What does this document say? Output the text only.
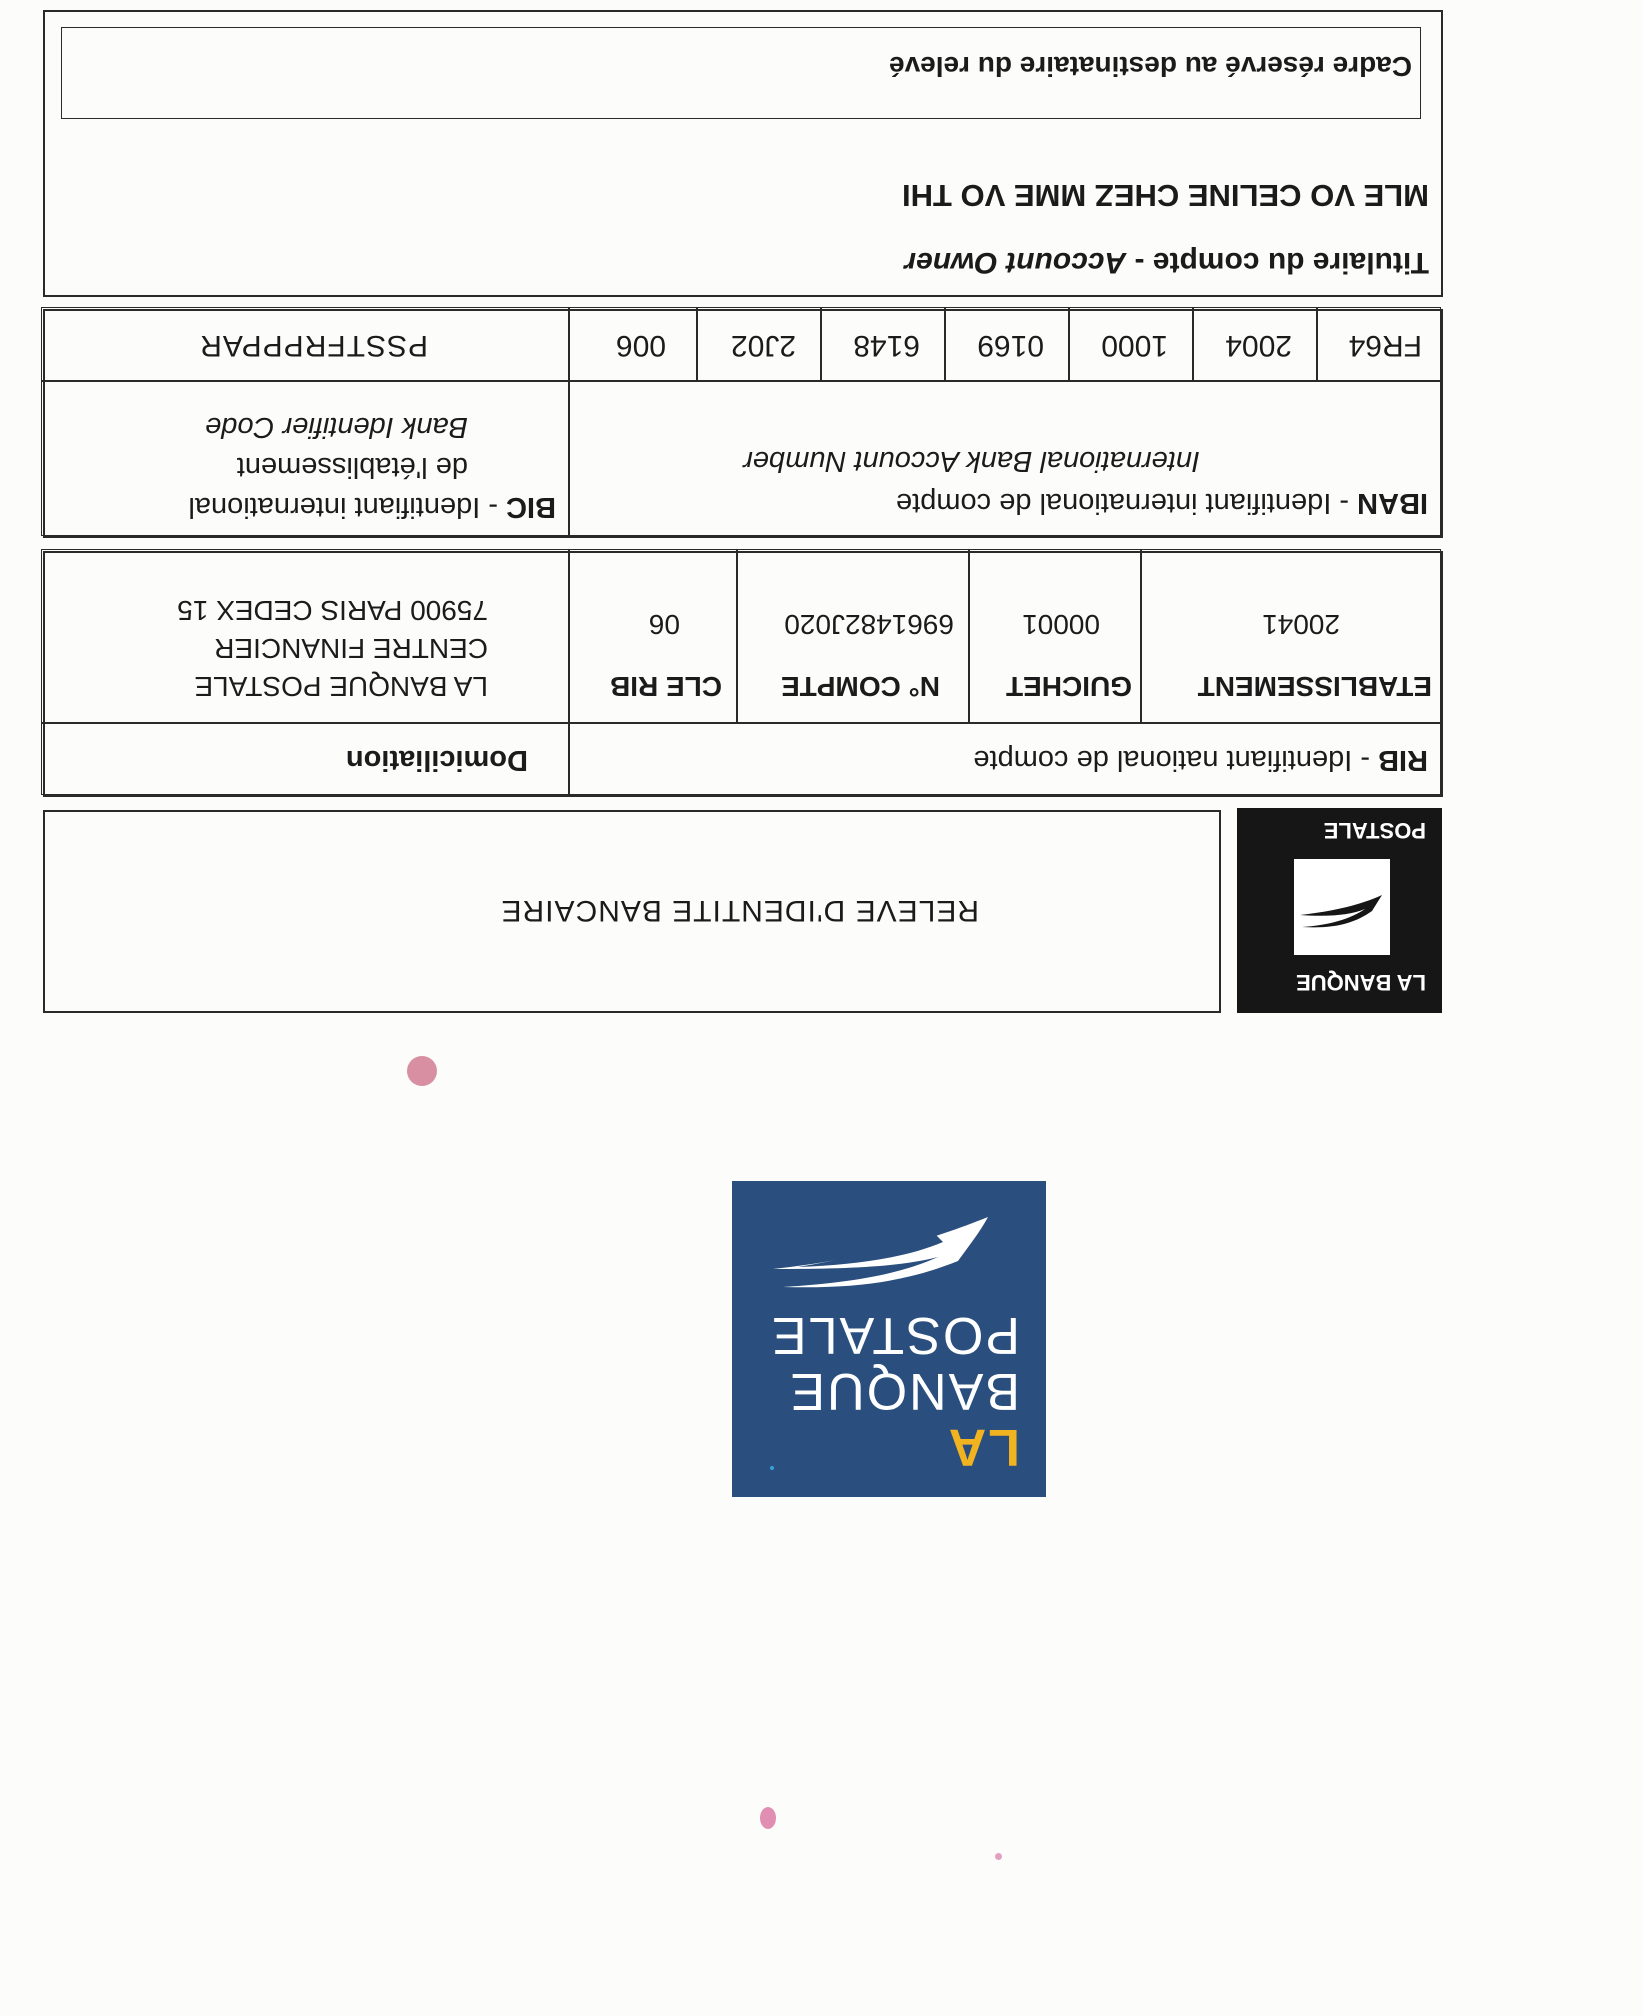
LA
BANQUE
POSTALE
LA BANQUE
POSTALE
RELEVE D'IDENTITE BANCAIRE
RIB - Identifiant national de compte
Domiciliation
ETABLISSEMENT
20041
GUICHET
00001
N° COMPTE
6961482J020
CLE RIB
06
LA BANQUE POSTALE
CENTRE FINANCIER
75900 PARIS CEDEX 15
IBAN - Identifiant international de compte
International Bank Account Number
BIC - Identifiant international
de l'établissement
Bank Identifier Code
FR64
2004
1000
0169
6148
2J02
006
PSSTFRPPPAR
Titulaire du compte - Account Owner
MLE VO CELINE CHEZ MME VO THI
Cadre réservé au destinataire du relevé
